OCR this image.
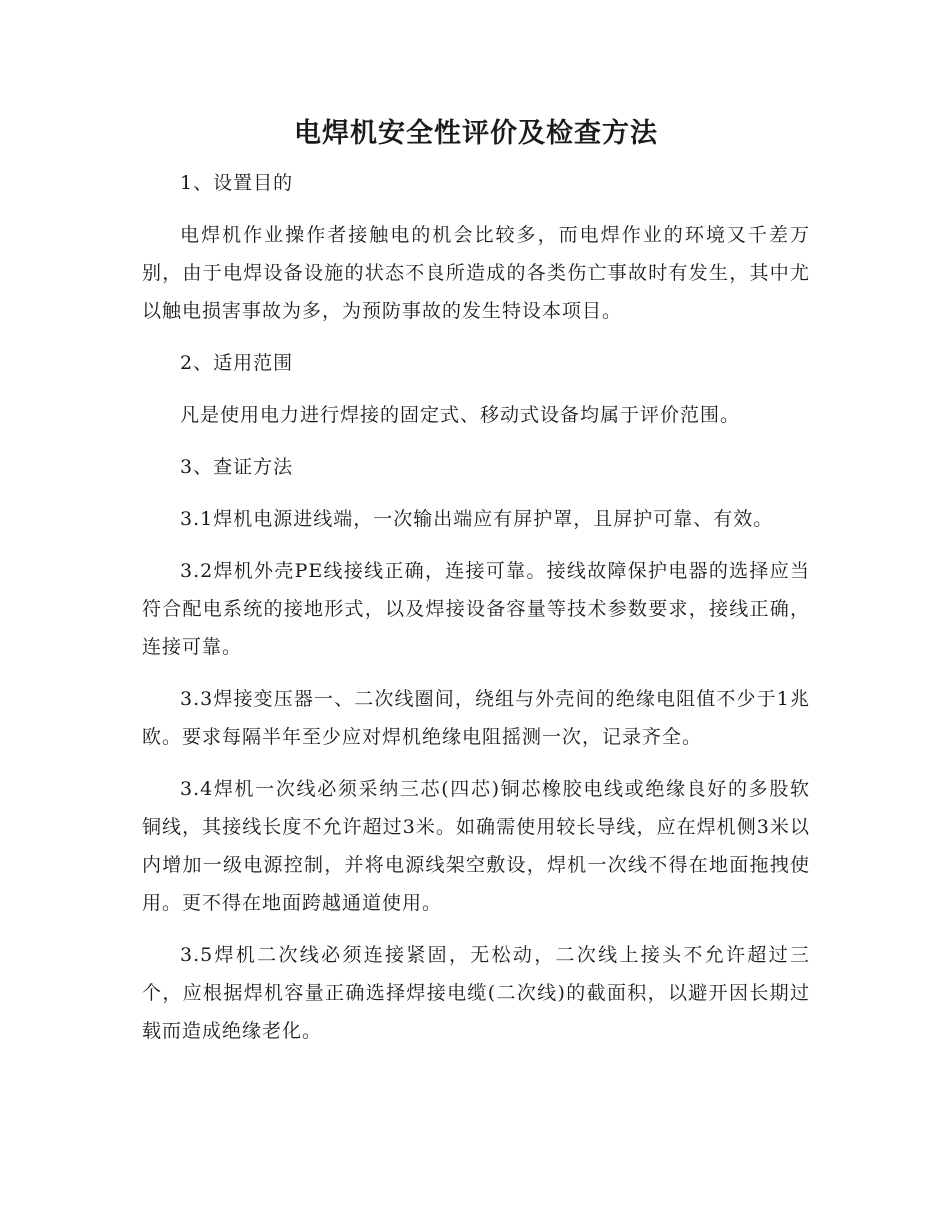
电焊机安全性评价及检查方法

1、设置目的

电焊机作业操作者接触电的机会比较多，而电焊作业的环境又千差万别，由于电焊设备设施的状态不良所造成的各类伤亡事故时有发生，其中尤以触电损害事故为多，为预防事故的发生特设本项目。

2、适用范围

凡是使用电力进行焊接的固定式、移动式设备均属于评价范围。

3、查证方法

3.1焊机电源进线端，一次输出端应有屏护罩，且屏护可靠、有效。

3.2焊机外壳PE线接线正确，连接可靠。接线故障保护电器的选择应当符合配电系统的接地形式，以及焊接设备容量等技术参数要求，接线正确，连接可靠。

3.3焊接变压器一、二次线圈间，绕组与外壳间的绝缘电阻值不少于1兆欧。要求每隔半年至少应对焊机绝缘电阻摇测一次，记录齐全。

3.4焊机一次线必须采纳三芯(四芯)铜芯橡胶电线或绝缘良好的多股软铜线，其接线长度不允许超过3米。如确需使用较长导线，应在焊机侧3米以内增加一级电源控制，并将电源线架空敷设，焊机一次线不得在地面拖拽使用。更不得在地面跨越通道使用。

3.5焊机二次线必须连接紧固，无松动，二次线上接头不允许超过三个，应根据焊机容量正确选择焊接电缆(二次线)的截面积，以避开因长期过载而造成绝缘老化。
